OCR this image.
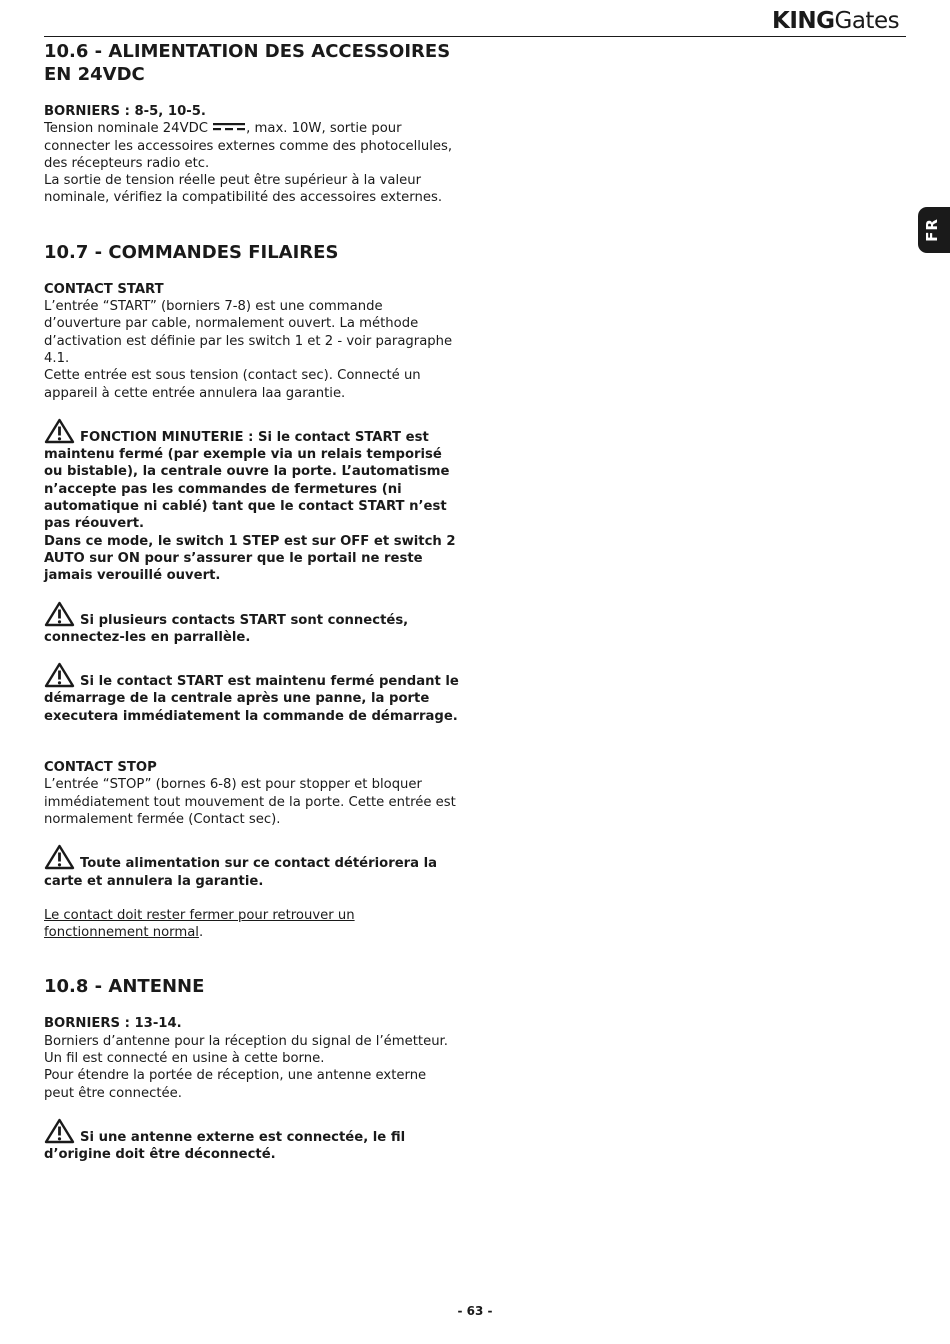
KINGGates
FR
10.6 - ALIMENTATION DES ACCESSOIRES EN 24VDC

BORNIERS : 8-5, 10-5.

Tension nominale 24VDC	, max. 10W, sortie pour connecter les accessoires externes comme des photocellules, des récepteurs radio etc.

La sortie de tension réelle peut être supérieur à la valeur nominale, vérifiez la compatibilité des accessoires externes.

10.7 - COMMANDES FILAIRES

CONTACT START

L’entrée “START” (borniers 7-8) est une commande d’ouverture par cable, normalement ouvert. La méthode d’activation est définie par les switch 1 et 2 - voir paragraphe 4.1.

Cette entrée est sous tension (contact sec). Connecté un appareil à cette entrée annulera laa garantie.

FONCTION MINUTERIE : Si le contact START est maintenu fermé (par exemple via un relais temporisé ou bistable), la centrale ouvre la porte. L’automatisme n’accepte pas les commandes de fermetures (ni automatique ni cablé) tant que le contact START n’est pas réouvert.

Dans ce mode, le switch 1 STEP est sur OFF et switch 2 AUTO sur ON pour s’assurer que le portail ne reste jamais verouillé ouvert.

Si plusieurs contacts START sont connectés, connectez-les en parrallèle.

Si le contact START est maintenu fermé pendant le démarrage de la centrale après une panne, la porte executera immédiatement la commande de démarrage.

CONTACT STOP

L’entrée “STOP” (bornes 6-8) est pour stopper et bloquer immédiatement tout mouvement de la porte. Cette entrée est normalement fermée (Contact sec).

Toute alimentation sur ce contact détériorera la carte et annulera la garantie.

Le contact doit rester fermer pour retrouver un fonctionnement normal.

10.8 - ANTENNE

BORNIERS : 13-14.

Borniers d’antenne pour la réception du signal de l’émetteur. Un fil est connecté en usine à cette borne.

Pour étendre la portée de réception, une antenne externe peut être connectée.

Si une antenne externe est connectée, le fil d’origine doit être déconnecté.

- 63 -
